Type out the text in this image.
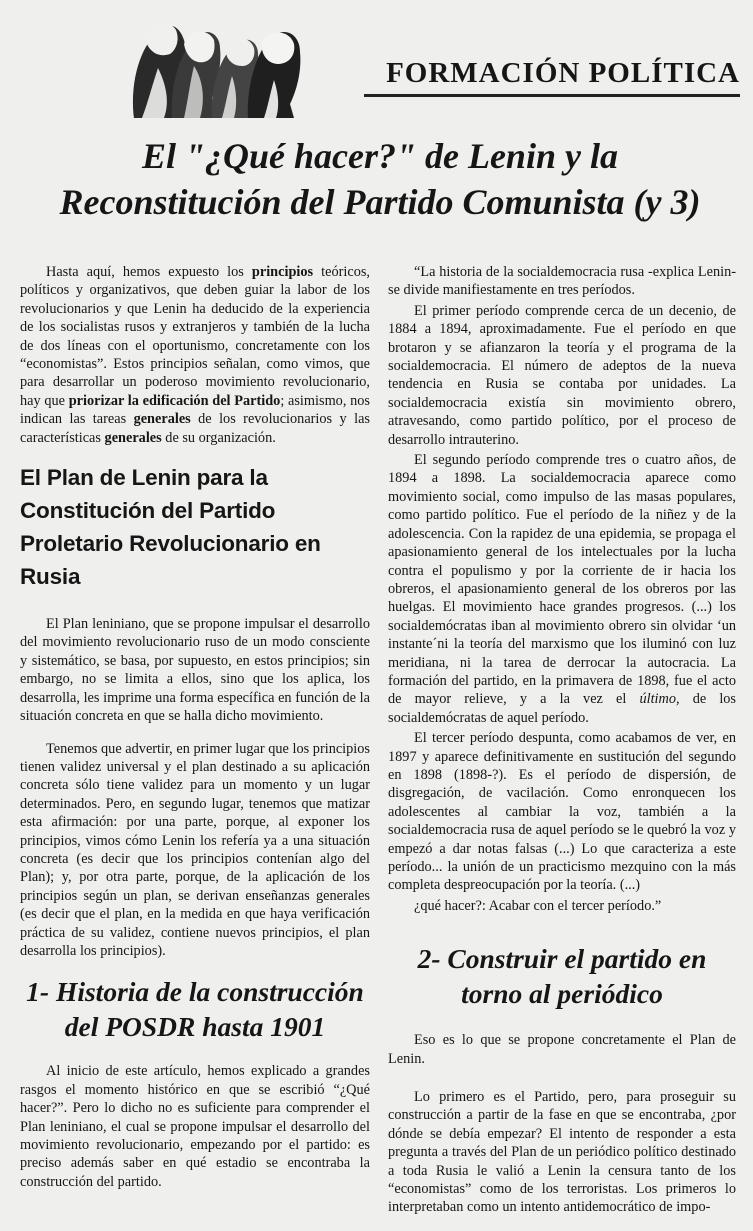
FORMACIÓN POLÍTICA
El "¿Qué hacer?" de Lenin y la
Reconstitución del Partido Comunista (y 3)

Hasta aquí, hemos expuesto los principios teóricos, políticos y organizativos, que deben guiar la labor de los revolucionarios y que Lenin ha deducido de la experiencia de los socialistas rusos y extranjeros y también de la lucha de dos líneas con el oportunismo, concretamente con los “economistas”. Estos principios señalan, como vimos, que para desarrollar un poderoso movimiento revolucionario, hay que priorizar la edificación del Partido; asimismo, nos indican las tareas generales de los revolucionarios y las características generales de su organización.

El Plan de Lenin para la Constitución del Partido Proletario Revolucionario en Rusia

El Plan leniniano, que se propone impulsar el desarrollo del movimiento revolucionario ruso de un modo consciente y sistemático, se basa, por supuesto, en estos principios; sin embargo, no se limita a ellos, sino que los aplica, los desarrolla, les imprime una forma específica en función de la situación concreta en que se halla dicho movimiento.

Tenemos que advertir, en primer lugar que los principios tienen validez universal y el plan destinado a su aplicación concreta sólo tiene validez para un momento y un lugar determinados. Pero, en segundo lugar, tenemos que matizar esta afirmación: por una parte, porque, al exponer los principios, vimos cómo Lenin los refería ya a una situación concreta (es decir que los principios contenían algo del Plan); y, por otra parte, porque, de la aplicación de los principios según un plan, se derivan enseñanzas generales (es decir que el plan, en la medida en que haya verificación práctica de su validez, contiene nuevos principios, el plan desarrolla los principios).

1- Historia de la construcción del POSDR hasta 1901

Al inicio de este artículo, hemos explicado a grandes rasgos el momento histórico en que se escribió “¿Qué hacer?”. Pero lo dicho no es suficiente para comprender el Plan leniniano, el cual se propone impulsar el desarrollo del movimiento revolucionario, empezando por el partido: es preciso además saber en qué estadio se encontraba la construcción del partido.

“La historia de la socialdemocracia rusa -explica Lenin- se divide manifiestamente en tres períodos.

El primer período comprende cerca de un decenio, de 1884 a 1894, aproximadamente. Fue el período en que brotaron y se afianzaron la teoría y el programa de la socialdemocracia. El número de adeptos de la nueva tendencia en Rusia se contaba por unidades. La socialdemocracia existía sin movimiento obrero, atravesando, como partido político, por el proceso de desarrollo intrauterino.

El segundo período comprende tres o cuatro años, de 1894 a 1898. La socialdemocracia aparece como movimiento social, como impulso de las masas populares, como partido político. Fue el período de la niñez y de la adolescencia. Con la rapidez de una epidemia, se propaga el apasionamiento general de los intelectuales por la lucha contra el populismo y por la corriente de ir hacia los obreros, el apasionamiento general de los obreros por las huelgas. El movimiento hace grandes progresos. (...) los socialdemócratas iban al movimiento obrero sin olvidar ‘un instante´ni la teoría del marxismo que los iluminó con luz meridiana, ni la tarea de derrocar la autocracia. La formación del partido, en la primavera de 1898, fue el acto de mayor relieve, y a la vez el último, de los socialdemócratas de aquel período.

El tercer período despunta, como acabamos de ver, en 1897 y aparece definitivamente en sustitución del segundo en 1898 (1898-?). Es el período de dispersión, de disgregación, de vacilación. Como enronquecen los adolescentes al cambiar la voz, también a la socialdemocracia rusa de aquel período se le quebró la voz y empezó a dar notas falsas (...) Lo que caracteriza a este período... la unión de un practicismo mezquino con la más completa despreocupación por la teoría. (...)

¿qué hacer?: Acabar con el tercer período.”

2- Construir el partido en torno al periódico

Eso es lo que se propone concretamente el Plan de Lenin.

Lo primero es el Partido, pero, para proseguir su construcción a partir de la fase en que se encontraba, ¿por dónde se debía empezar? El intento de responder a esta pregunta a través del Plan de un periódico político destinado a toda Rusia le valió a Lenin la censura tanto de los “economistas” como de los terroristas. Los primeros lo interpretaban como un intento antidemocrático de impo-
